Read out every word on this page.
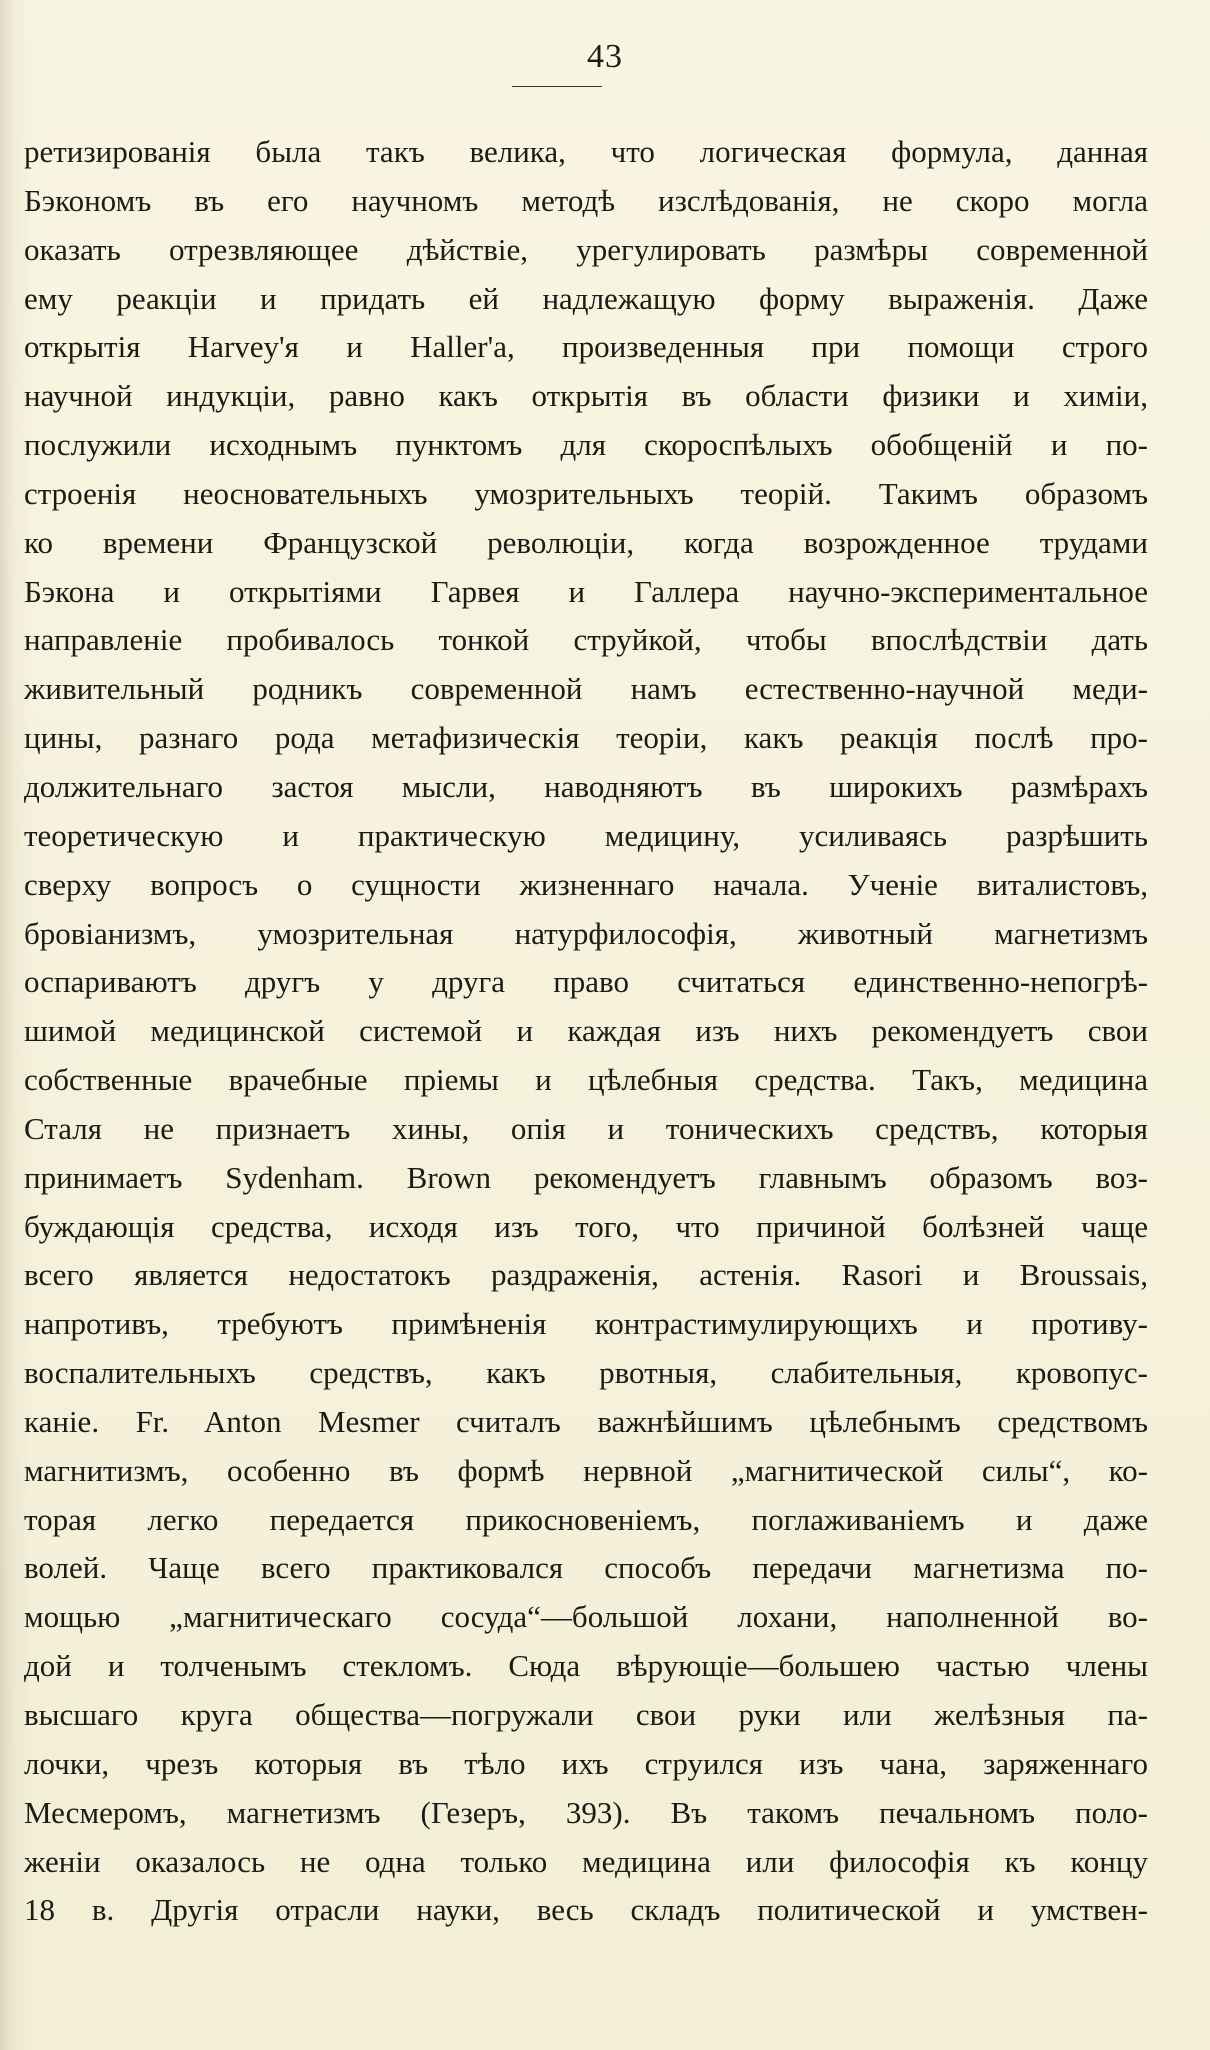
43
ретизированія была такъ велика, что логическая формула, данная
Бэкономъ въ его научномъ методѣ изслѣдованія, не скоро могла
оказать отрезвляющее дѣйствіе, урегулировать размѣры современной
ему реакціи и придать ей надлежащую форму выраженія. Даже
открытія Harvey'я и Haller'а, произведенныя при помощи строго
научной индукціи, равно какъ открытія въ области физики и химіи,
послужили исходнымъ пунктомъ для скороспѣлыхъ обобщеній и по-
строенія неосновательныхъ умозрительныхъ теорій. Такимъ образомъ
ко времени Французской революціи, когда возрожденное трудами
Бэкона и открытіями Гарвея и Галлера научно-экспериментальное
направленіе пробивалось тонкой струйкой, чтобы впослѣдствіи дать
живительный родникъ современной намъ естественно-научной меди-
цины, разнаго рода метафизическія теоріи, какъ реакція послѣ про-
должительнаго застоя мысли, наводняютъ въ широкихъ размѣрахъ
теоретическую и практическую медицину, усиливаясь разрѣшить
сверху вопросъ о сущности жизненнаго начала. Ученіе виталистовъ,
бровіанизмъ, умозрительная натурфилософія, животный магнетизмъ
оспариваютъ другъ у друга право считаться единственно-непогрѣ-
шимой медицинской системой и каждая изъ нихъ рекомендуетъ свои
собственные врачебные пріемы и цѣлебныя средства. Такъ, медицина
Сталя не признаетъ хины, опія и тоническихъ средствъ, которыя
принимаетъ Sydenham. Brown рекомендуетъ главнымъ образомъ воз-
буждающія средства, исходя изъ того, что причиной болѣзней чаще
всего является недостатокъ раздраженія, астенія. Rasori и Broussais,
напротивъ, требуютъ примѣненія контрастимулирующихъ и противу-
воспалительныхъ средствъ, какъ рвотныя, слабительныя, кровопус-
каніе. Fr. Anton Mesmer считалъ важнѣйшимъ цѣлебнымъ средствомъ
магнитизмъ, особенно въ формѣ нервной „магнитической силы“, ко-
торая легко передается прикосновеніемъ, поглаживаніемъ и даже
волей. Чаще всего практиковался способъ передачи магнетизма по-
мощью „магнитическаго сосуда“—большой лохани, наполненной во-
дой и толченымъ стекломъ. Сюда вѣрующіе—большею частью члены
высшаго круга общества—погружали свои руки или желѣзныя па-
лочки, чрезъ которыя въ тѣло ихъ струился изъ чана, заряженнаго
Месмеромъ, магнетизмъ (Гезеръ, 393). Въ такомъ печальномъ поло-
женіи оказалось не одна только медицина или философія къ концу
18 в. Другія отрасли науки, весь складъ политической и умствен-
